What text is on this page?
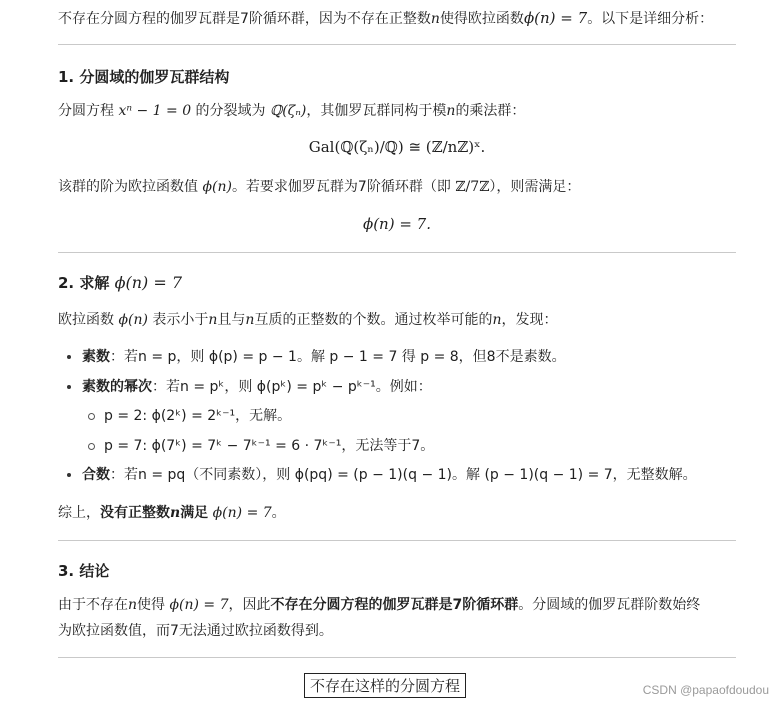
不存在分圆方程的伽罗瓦群是7阶循环群，因为不存在正整数n使得欧拉函数ϕ(n) = 7。以下是详细分析：
1. 分圆域的伽罗瓦群结构
分圆方程 xⁿ − 1 = 0 的分裂域为 ℚ(ζₙ)，其伽罗瓦群同构于模n的乘法群：
Gal(ℚ(ζₙ)/ℚ) ≅ (ℤ/nℤ)ˣ.
该群的阶为欧拉函数值 ϕ(n)。若要求伽罗瓦群为7阶循环群（即 ℤ/7ℤ），则需满足：
ϕ(n) = 7.
2. 求解 ϕ(n) = 7
欧拉函数 ϕ(n) 表示小于n且与n互质的正整数的个数。通过枚举可能的n，发现：
素数：若n = p，则 ϕ(p) = p − 1。解 p − 1 = 7 得 p = 8，但8不是素数。
素数的幂次：若n = pᵏ，则 ϕ(pᵏ) = pᵏ − pᵏ⁻¹。例如：
p = 2: ϕ(2ᵏ) = 2ᵏ⁻¹，无解。
p = 7: ϕ(7ᵏ) = 7ᵏ − 7ᵏ⁻¹ = 6 · 7ᵏ⁻¹，无法等于7。
合数：若n = pq（不同素数），则 ϕ(pq) = (p − 1)(q − 1)。解 (p − 1)(q − 1) = 7，无整数解。
综上，没有正整数n满足 ϕ(n) = 7。
3. 结论
由于不存在n使得 ϕ(n) = 7，因此不存在分圆方程的伽罗瓦群是7阶循环群。分圆域的伽罗瓦群阶数始终
为欧拉函数值，而7无法通过欧拉函数得到。
不存在这样的分圆方程	CSDN @papaofdoudou
